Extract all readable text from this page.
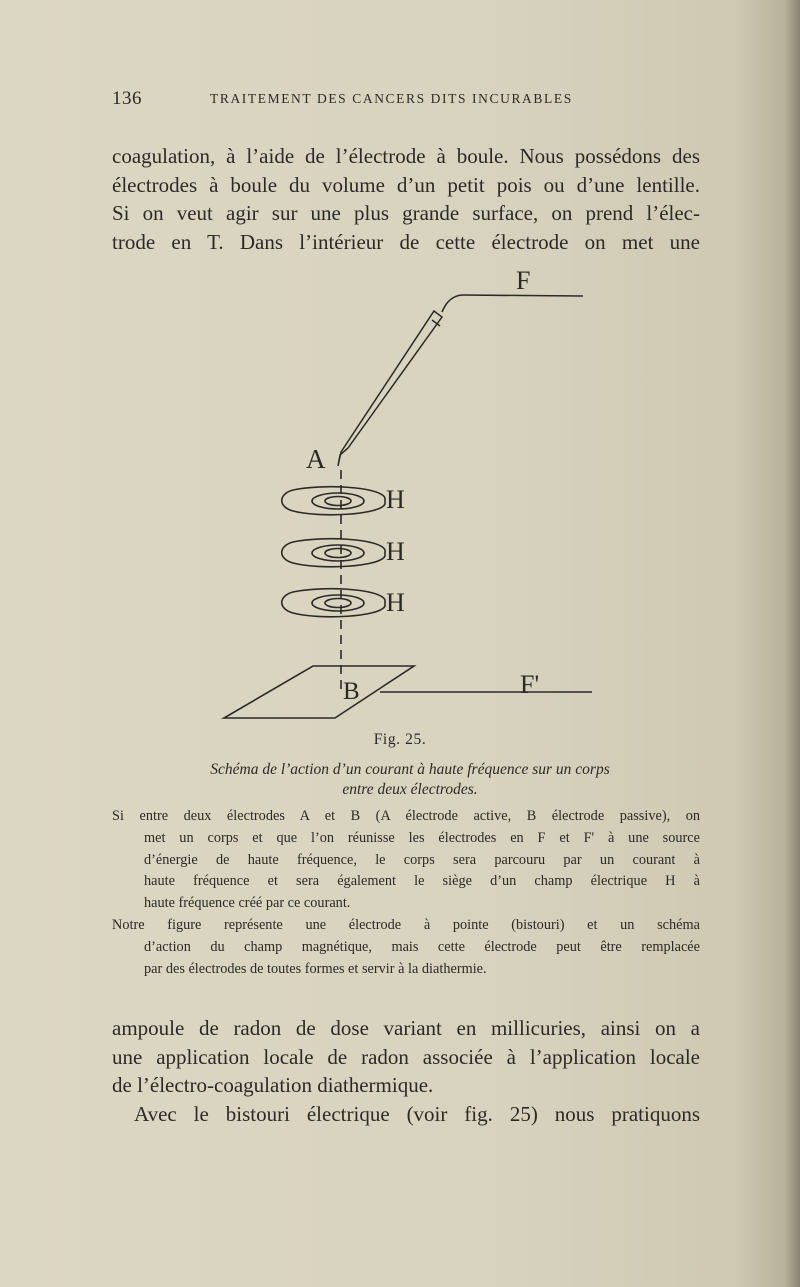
136	TRAITEMENT DES CANCERS DITS INCURABLES
coagulation, à l’aide de l’électrode à boule. Nous possédons des
électrodes à boule du volume d’un petit pois ou d’une lentille.
Si on veut agir sur une plus grande surface, on prend l’élec-
trode en T. Dans l’intérieur de cette électrode on met une
F
A
H
H
H
B	F'
Fig. 25.
Schéma de l’action d’un courant à haute fréquence sur un corps
entre deux électrodes.
Si entre deux électrodes A et B (A électrode active, B électrode passive), on
met un corps et que l’on réunisse les électrodes en F et F' à une source
d’énergie de haute fréquence, le corps sera parcouru par un courant à
haute fréquence et sera également le siège d’un champ électrique H à
haute fréquence créé par ce courant.
Notre figure représente une électrode à pointe (bistouri) et un schéma
d’action du champ magnétique, mais cette électrode peut être remplacée
par des électrodes de toutes formes et servir à la diathermie.
ampoule de radon de dose variant en millicuries, ainsi on a
une application locale de radon associée à l’application locale
de l’électro-coagulation diathermique.
Avec le bistouri électrique (voir fig. 25) nous pratiquons
